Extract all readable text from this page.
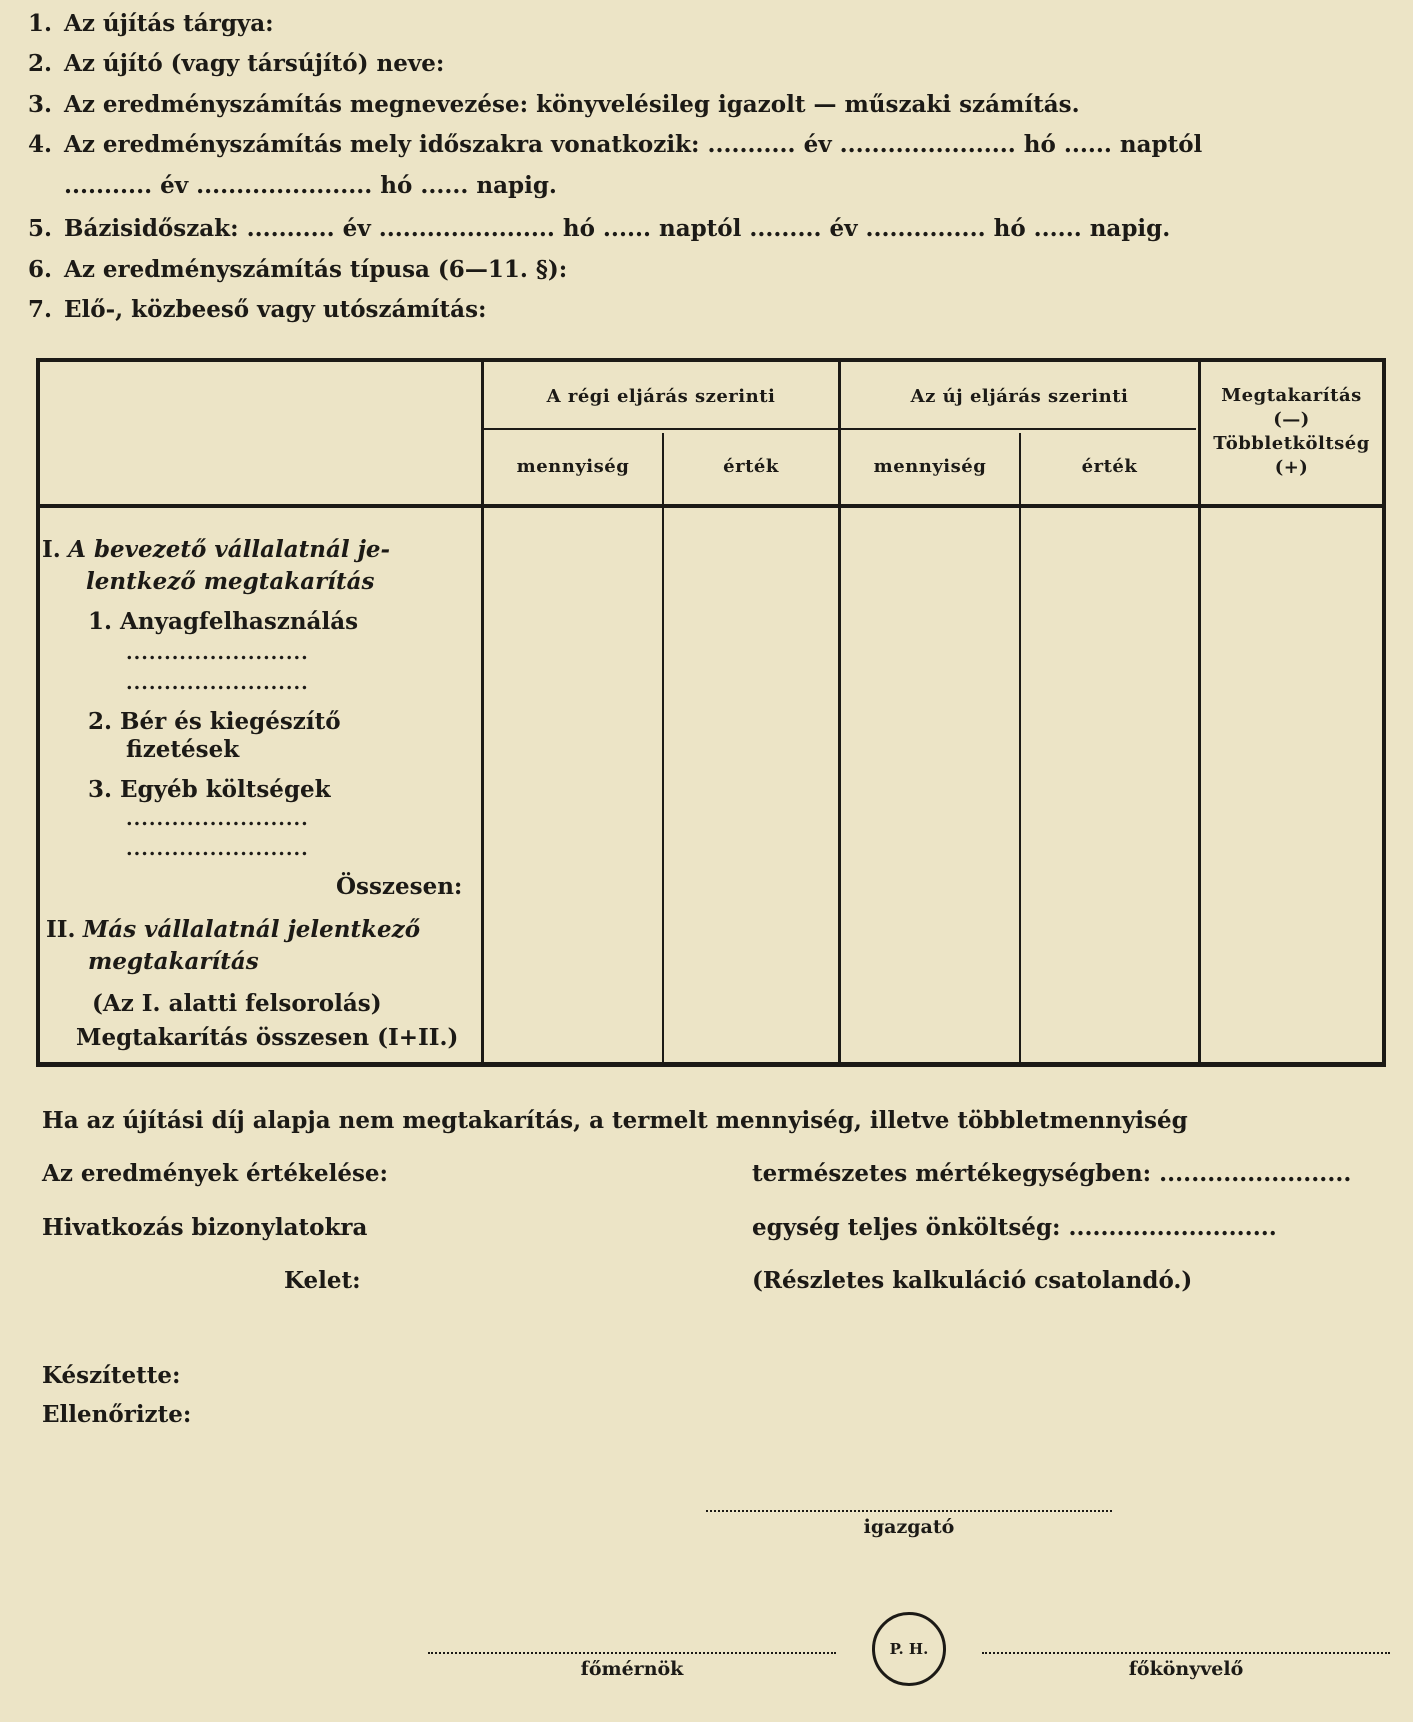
1. Az újítás tárgya:
2. Az újító (vagy társújító) neve:
3. Az eredményszámítás megnevezése: könyvelésileg igazolt — műszaki számítás.
4. Az eredményszámítás mely időszakra vonatkozik: ........... év ...................... hó ...... naptól
........... év ...................... hó ...... napig.
5. Bázisidőszak: ........... év ...................... hó ...... naptól ......... év ............... hó ...... napig.
6. Az eredményszámítás típusa (6—11. §):
7. Elő-, közbeeső vagy utószámítás:
A régi eljárás szerinti	Az új eljárás szerinti
mennyiség	érték	mennyiség	érték
Megtakarítás
(—)
Többletköltség
(+)
I. A bevezető vállalatnál je-
lentkező megtakarítás
1. Anyagfelhasználás
........................
........................
2. Bér és kiegészítő
fizetések
3. Egyéb költségek
........................
........................
Összesen:
II. Más vállalatnál jelentkező
megtakarítás
(Az I. alatti felsorolás)
Megtakarítás összesen (I+II.)
Ha az újítási díj alapja nem megtakarítás, a termelt mennyiség, illetve többletmennyiség
Az eredmények értékelése:	természetes mértékegységben: ........................
Hivatkozás bizonylatokra	egység teljes önköltség: ..........................
Kelet:	(Részletes kalkuláció csatolandó.)
Készítette:
Ellenőrizte:
igazgató
főmérnök
P. H.
főkönyvelő
